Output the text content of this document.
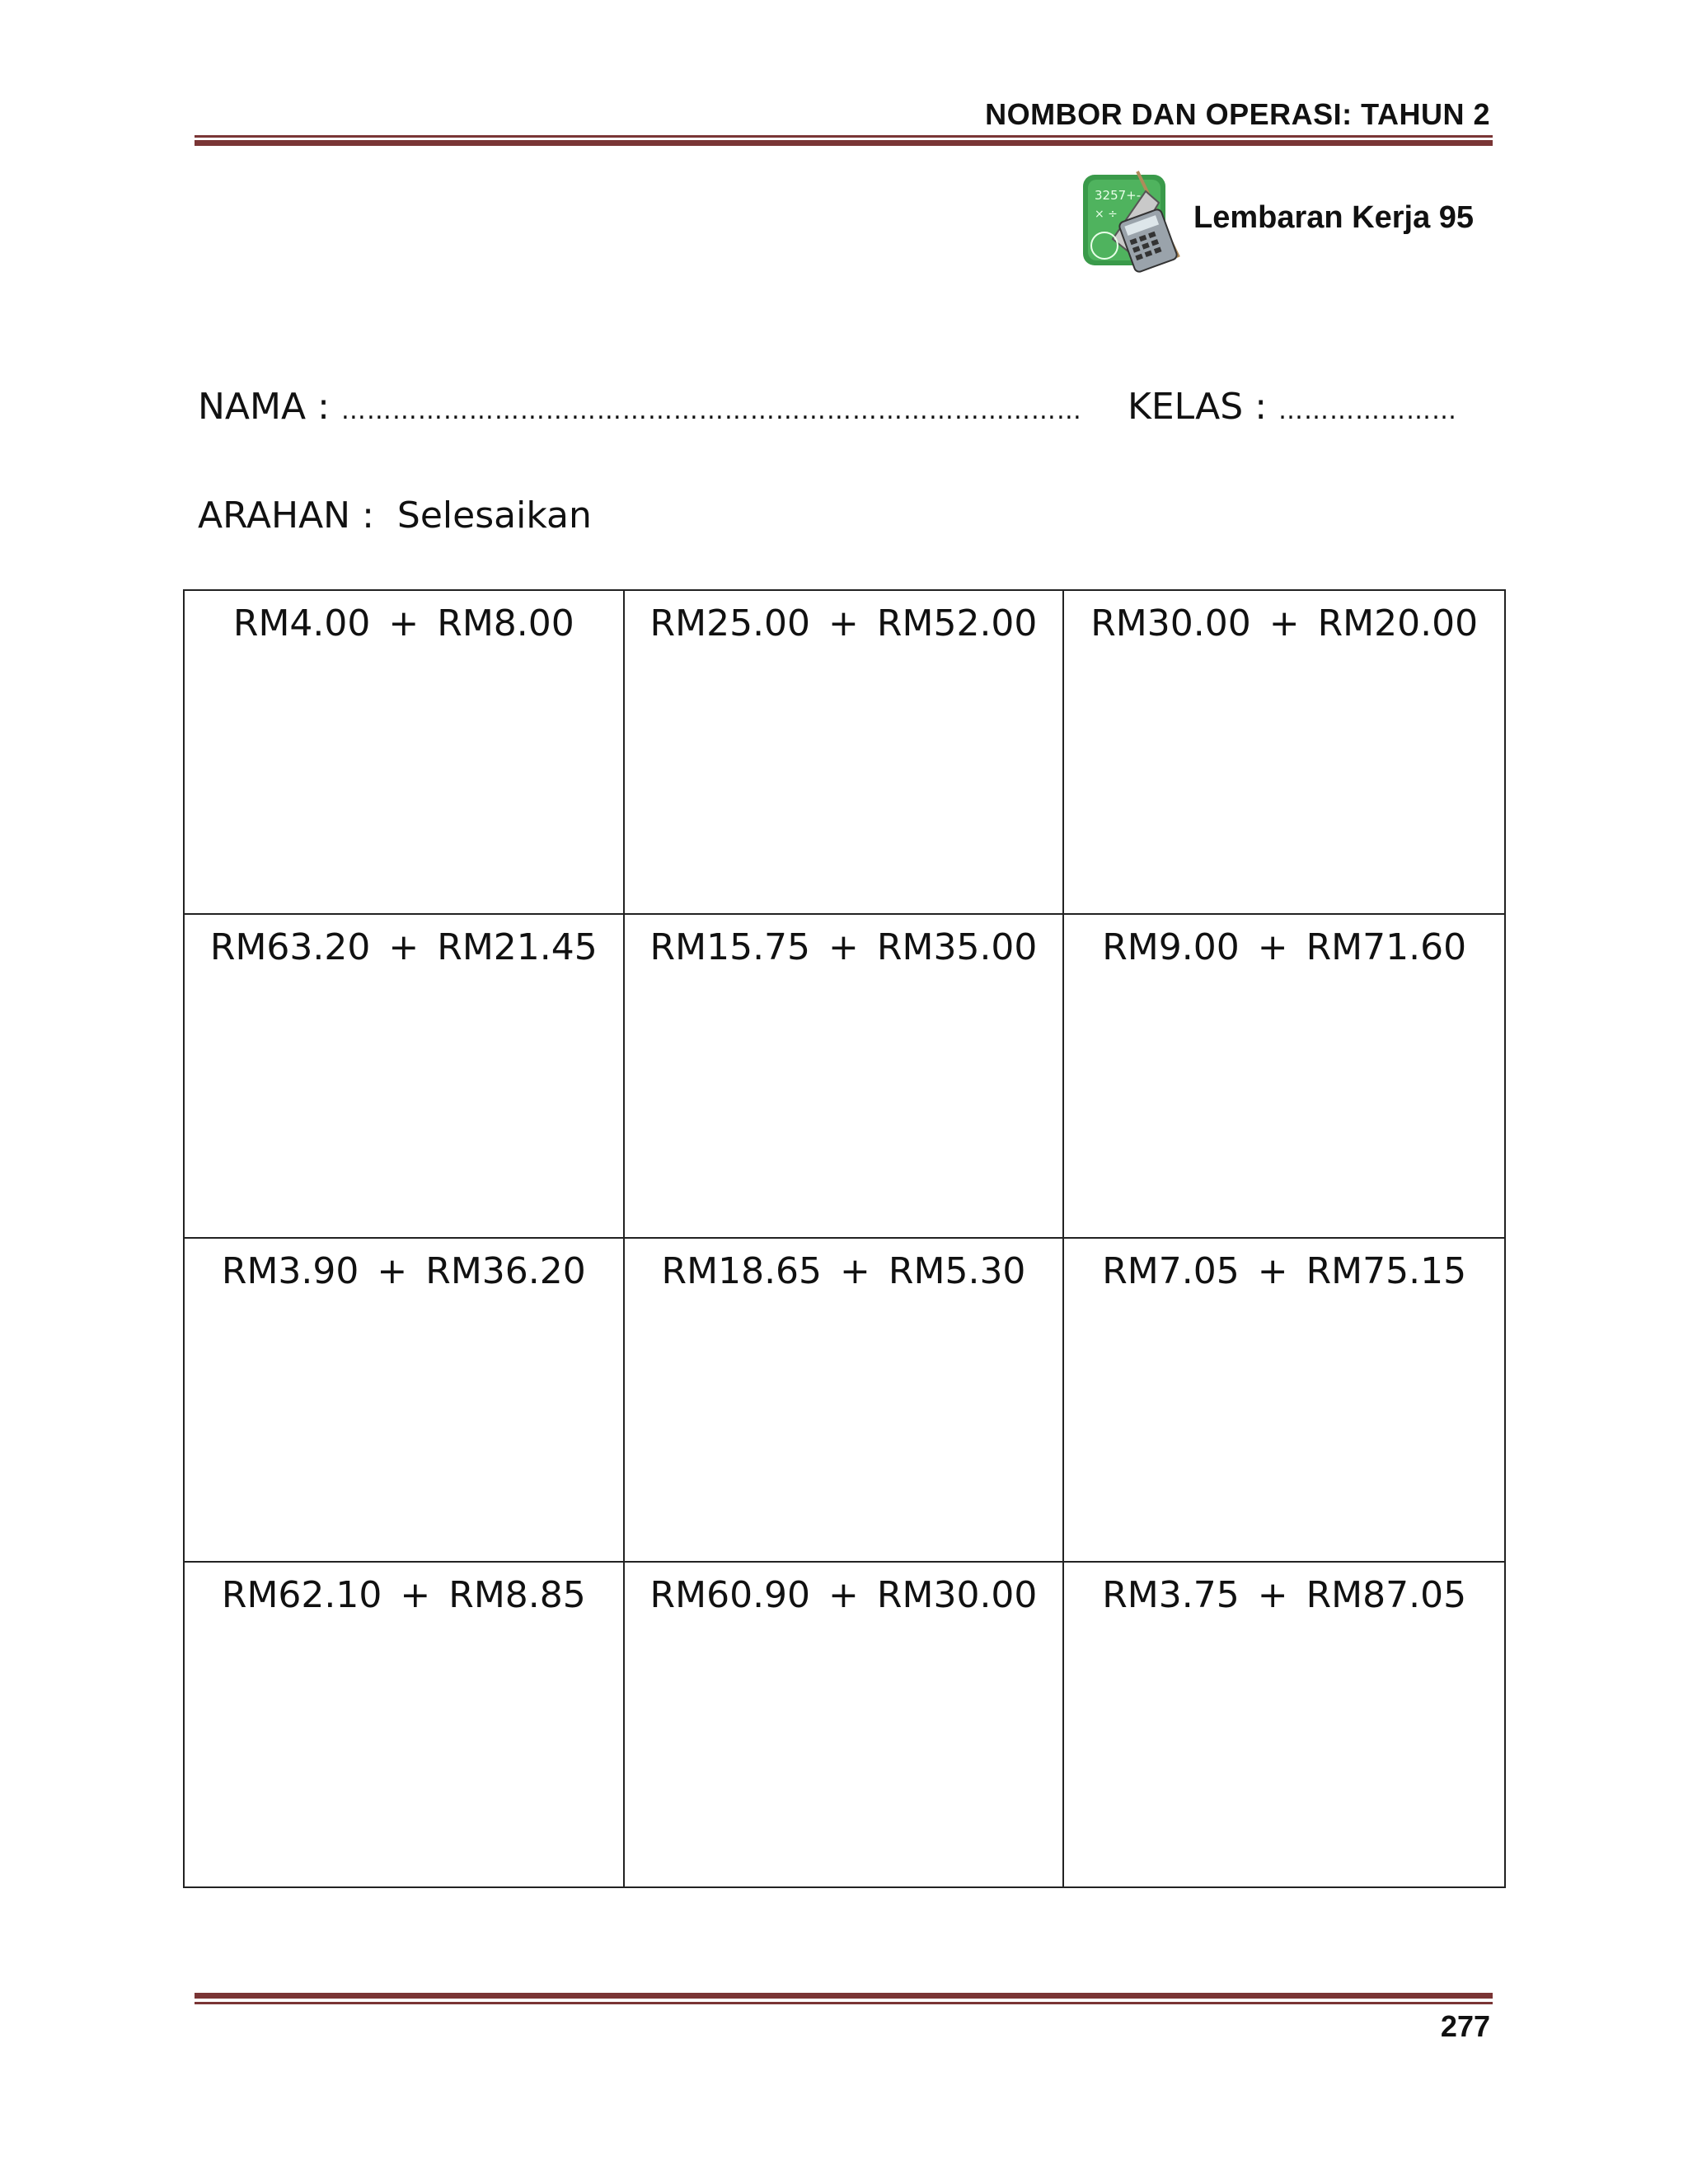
NOMBOR DAN OPERASI: TAHUN 2
3257+-
× ÷ Lembaran Kerja 95
NAMA : …………………………………………………………………………… KELAS : …………………
ARAHAN : Selesaikan
RM4.00 + RM8.00	RM25.00 + RM52.00	RM30.00 + RM20.00
RM63.20 + RM21.45	RM15.75 + RM35.00	RM9.00 + RM71.60
RM3.90 + RM36.20	RM18.65 + RM5.30	RM7.05 + RM75.15
RM62.10 + RM8.85	RM60.90 + RM30.00	RM3.75 + RM87.05
277
